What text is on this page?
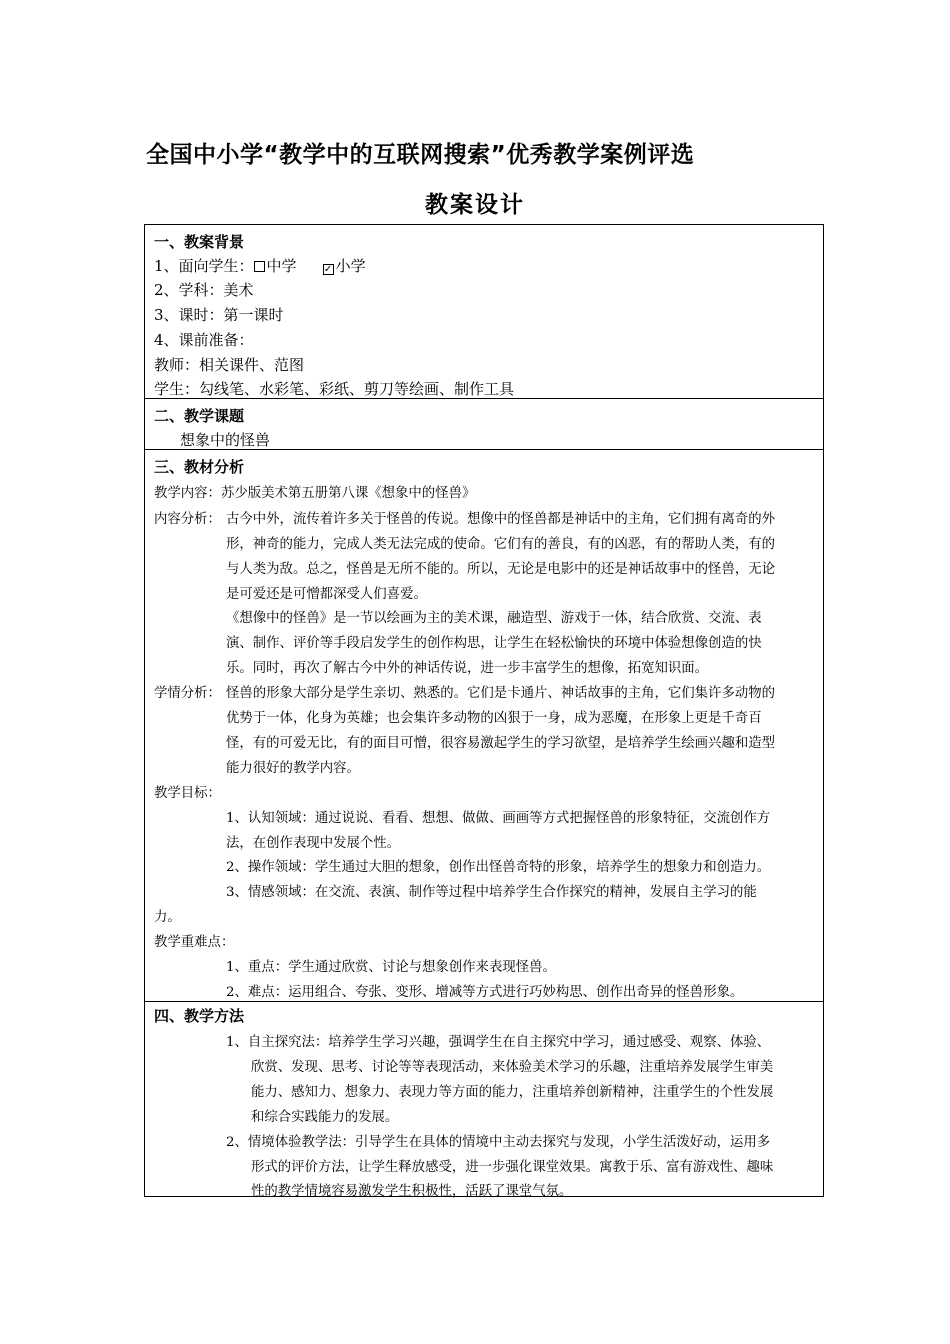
全国中小学“教学中的互联网搜索”优秀教学案例评选
教案设计
一、教案背景
1、面向学生： 中学	✓ 小学
2、学科：美术
3、课时：第一课时
4、课前准备：
教师：相关课件、范图
学生：勾线笔、水彩笔、彩纸、剪刀等绘画、制作工具
二、教学课题
想象中的怪兽
三、教材分析
教学内容：苏少版美术第五册第八课《想象中的怪兽》
内容分析： 古今中外，流传着许多关于怪兽的传说。想像中的怪兽都是神话中的主角，它们拥有离奇的外
形，神奇的能力，完成人类无法完成的使命。它们有的善良，有的凶恶，有的帮助人类，有的
与人类为敌。总之，怪兽是无所不能的。所以，无论是电影中的还是神话故事中的怪兽，无论
是可爱还是可憎都深受人们喜爱。
《想像中的怪兽》是一节以绘画为主的美术课，融造型、游戏于一体，结合欣赏、交流、表
演、制作、评价等手段启发学生的创作构思，让学生在轻松愉快的环境中体验想像创造的快
乐。同时，再次了解古今中外的神话传说，进一步丰富学生的想像，拓宽知识面。
学情分析： 怪兽的形象大部分是学生亲切、熟悉的。它们是卡通片、神话故事的主角，它们集许多动物的
优势于一体，化身为英雄；也会集许多动物的凶狠于一身，成为恶魔，在形象上更是千奇百
怪，有的可爱无比，有的面目可憎，很容易激起学生的学习欲望，是培养学生绘画兴趣和造型
能力很好的教学内容。
教学目标：
1、认知领域：通过说说、看看、想想、做做、画画等方式把握怪兽的形象特征，交流创作方
法，在创作表现中发展个性。
2、操作领域：学生通过大胆的想象，创作出怪兽奇特的形象，培养学生的想象力和创造力。
3、情感领域：在交流、表演、制作等过程中培养学生合作探究的精神，发展自主学习的能
力。
教学重难点：
1、重点：学生通过欣赏、讨论与想象创作来表现怪兽。
2、难点：运用组合、夸张、变形、增减等方式进行巧妙构思、创作出奇异的怪兽形象。
四、教学方法
1、自主探究法：培养学生学习兴趣，强调学生在自主探究中学习，通过感受、观察、体验、
欣赏、发现、思考、讨论等等表现活动，来体验美术学习的乐趣，注重培养发展学生审美
能力、感知力、想象力、表现力等方面的能力，注重培养创新精神，注重学生的个性发展
和综合实践能力的发展。
2、情境体验教学法：引导学生在具体的情境中主动去探究与发现，小学生活泼好动，运用多
形式的评价方法，让学生释放感受，进一步强化课堂效果。寓教于乐、富有游戏性、趣味
性的教学情境容易激发学生积极性，活跃了课堂气氛。
